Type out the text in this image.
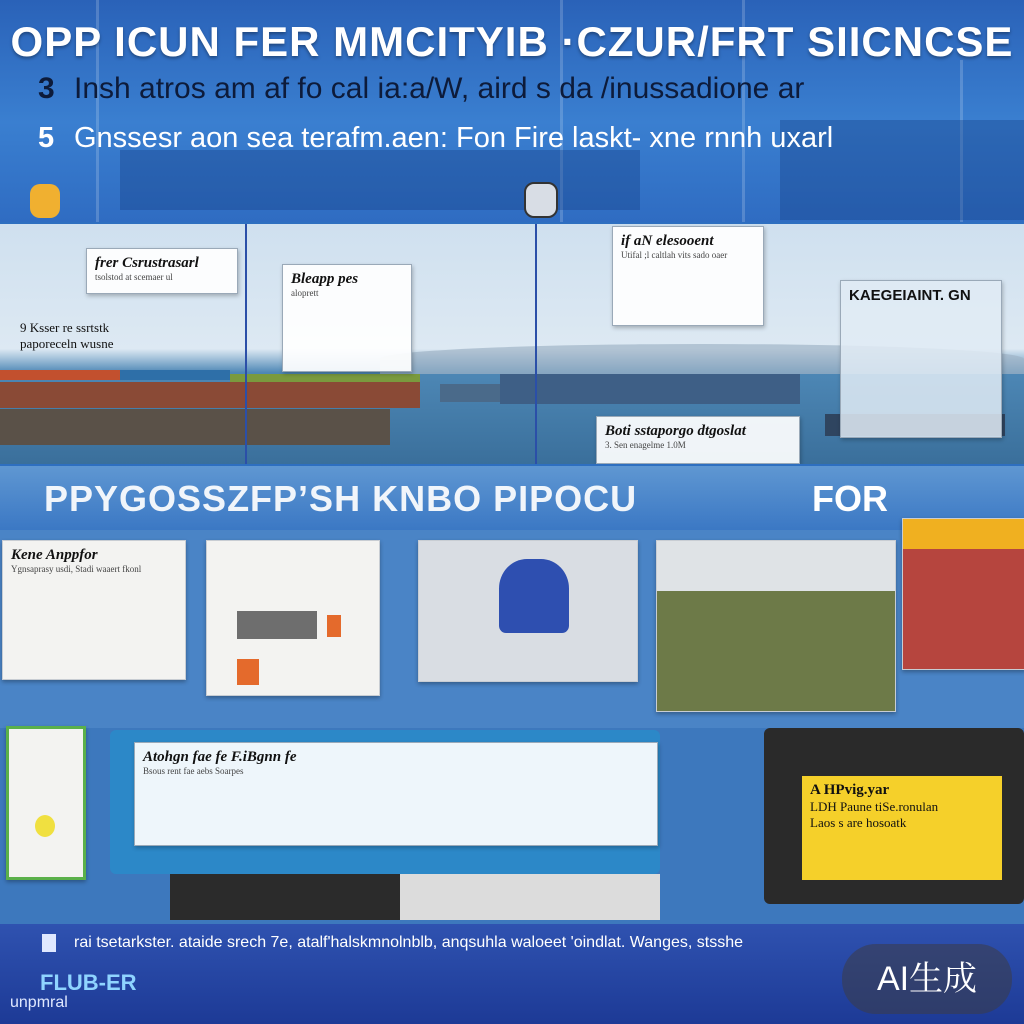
OPP ICUN FER MMCITYIB ·CZUR/FRT SIICNCSE
3 Insh atros am af fo cal ia:a/W, aird s da /inussadione ar
5 Gnssesr aon sea terafm.aen: Fon Fire laskt- xne rnnh uxarl
frer Csrustrasarl
tsolstod at scemaer ul	Bleapp pes
aloprett
if aN elesooent
Utifal ;l caltlah vits sado oaer
KAEGEIAINT. GN
9 Ksser re ssrtstk
paporeceln wusne
Boti sstaporgo dtgoslat
3. Sen enagelme 1.0M
PPYGOSSZFP’SH KNBO PIPOCU	FOR
Kene Anppfor
Ygnsaprasy usdi, Stadi waaert fkonl
Atohgn fae fe F.iBgnn fe
Bsous rent fae aebs Soarpes
A HPvig.yar
LDH Paune tiSe.ronulan
Laos s are hosoatk
rai tsetarkster. ataide srech 7e, atalf'halskmnolnblb, anqsuhla waloeet 'oindlat. Wanges, stsshe
FLUB-ER
unpmral
AI生成
